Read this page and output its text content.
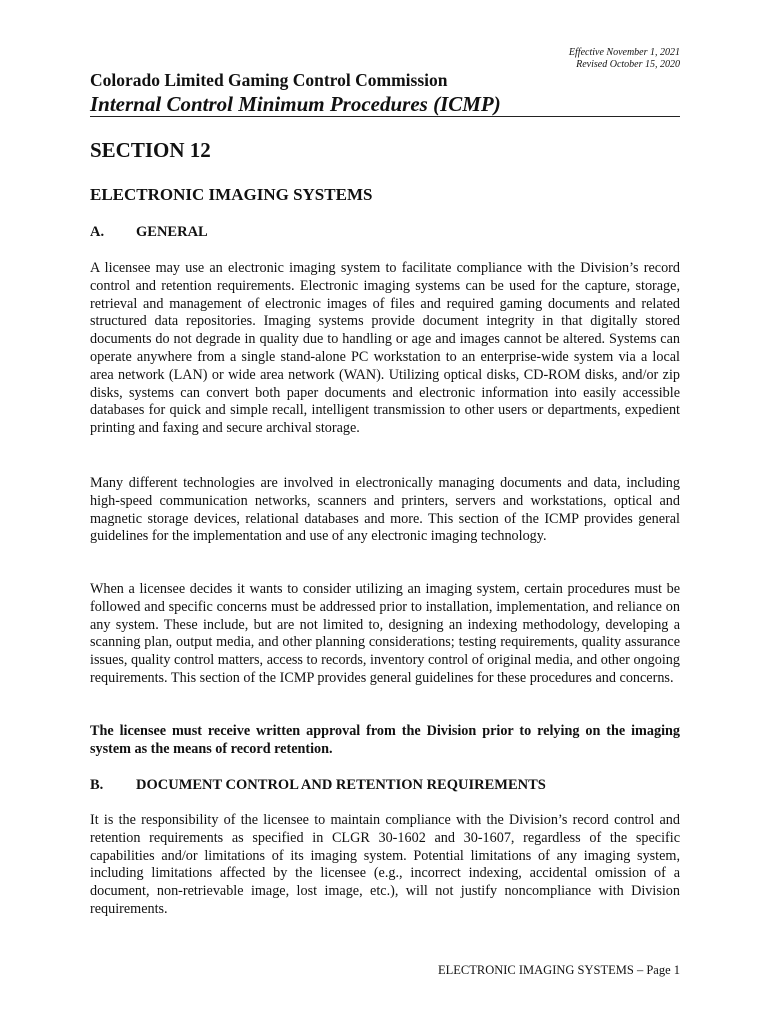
Effective November 1, 2021
Revised October 15, 2020
Colorado Limited Gaming Control Commission
Internal Control Minimum Procedures (ICMP)
SECTION 12
ELECTRONIC IMAGING SYSTEMS
A. GENERAL

A licensee may use an electronic imaging system to facilitate compliance with the Division’s record control and retention requirements. Electronic imaging systems can be used for the capture, storage, retrieval and management of electronic images of files and required gaming documents and related structured data repositories. Imaging systems provide document integrity in that digitally stored documents do not degrade in quality due to handling or age and images cannot be altered. Systems can operate anywhere from a single stand-alone PC workstation to an enterprise-wide system via a local area network (LAN) or wide area network (WAN). Utilizing optical disks, CD-ROM disks, and/or zip disks, systems can convert both paper documents and electronic information into easily accessible databases for quick and simple recall, intelligent transmission to other users or departments, expedient printing and faxing and secure archival storage.

Many different technologies are involved in electronically managing documents and data, including high-speed communication networks, scanners and printers, servers and workstations, optical and magnetic storage devices, relational databases and more. This section of the ICMP provides general guidelines for the implementation and use of any electronic imaging technology.

When a licensee decides it wants to consider utilizing an imaging system, certain procedures must be followed and specific concerns must be addressed prior to installation, implementation, and reliance on any system. These include, but are not limited to, designing an indexing methodology, developing a scanning plan, output media, and other planning considerations; testing requirements, quality assurance issues, quality control matters, access to records, inventory control of original media, and other ongoing requirements. This section of the ICMP provides general guidelines for these procedures and concerns.

The licensee must receive written approval from the Division prior to relying on the imaging system as the means of record retention.

B. DOCUMENT CONTROL AND RETENTION REQUIREMENTS

It is the responsibility of the licensee to maintain compliance with the Division’s record control and retention requirements as specified in CLGR 30-1602 and 30-1607, regardless of the specific capabilities and/or limitations of its imaging system. Potential limitations of any imaging system, including limitations affected by the licensee (e.g., incorrect indexing, accidental omission of a document, non-retrievable image, lost image, etc.), will not justify noncompliance with Division requirements.

ELECTRONIC IMAGING SYSTEMS – Page 1
